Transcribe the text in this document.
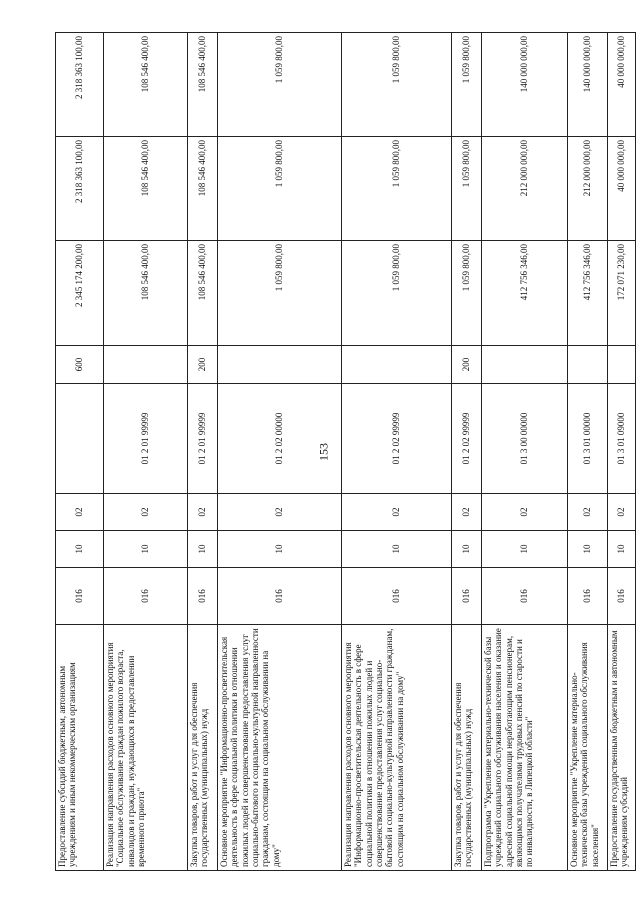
153
Предоставление субсидий бюджетным, автономным учреждениям и иным некоммерческим организациям	016	10	02		600	2 345 174 200,00	2 318 363 100,00	2 318 363 100,00
Реализация направления расходов основного мероприятия "Социальное обслуживание граждан пожилого возраста, инвалидов и граждан, нуждающихся в предоставлении временного приюта"	016	10	02	01 2 01 99999		108 546 400,00	108 546 400,00	108 546 400,00
Закупка товаров, работ и услуг для обеспечения государственных (муниципальных) нужд	016	10	02	01 2 01 99999	200	108 546 400,00	108 546 400,00	108 546 400,00
Основное мероприятие "Информационно-просветительская деятельность в сфере социальной политики в отношении пожилых людей и совершенствование предоставления услуг социально-бытового и социально-культурной направленности гражданам, состоящим на социальном обслуживании на дому"	016	10	02	01 2 02 00000		1 059 800,00	1 059 800,00	1 059 800,00
Реализация направления расходов основного мероприятия "Информационно-просветительская деятельность в сфере социальной политики в отношении пожилых людей и совершенствование предоставления услуг социально-бытовой и социально-культурной направленности гражданам, состоящим на социальном обслуживании на дому"	016	10	02	01 2 02 99999		1 059 800,00	1 059 800,00	1 059 800,00
Закупка товаров, работ и услуг для обеспечения государственных (муниципальных) нужд	016	10	02	01 2 02 99999	200	1 059 800,00	1 059 800,00	1 059 800,00
Подпрограмма "Укрепление материально-технической базы учреждений социального обслуживания населения и оказание адресной социальной помощи неработающим пенсионерам, являющимся получателями трудовых пенсий по старости и по инвалидности, в Липецкой области"	016	10	02	01 3 00 00000		412 756 346,00	212 000 000,00	140 000 000,00
Основное мероприятие "Укрепление материально-технической базы учреждений социального обслуживания населения"	016	10	02	01 3 01 00000		412 756 346,00	212 000 000,00	140 000 000,00
Предоставление государственным бюджетным и автономным учреждениям субсидий	016	10	02	01 3 01 09000		172 071 230,00	40 000 000,00	40 000 000,00
